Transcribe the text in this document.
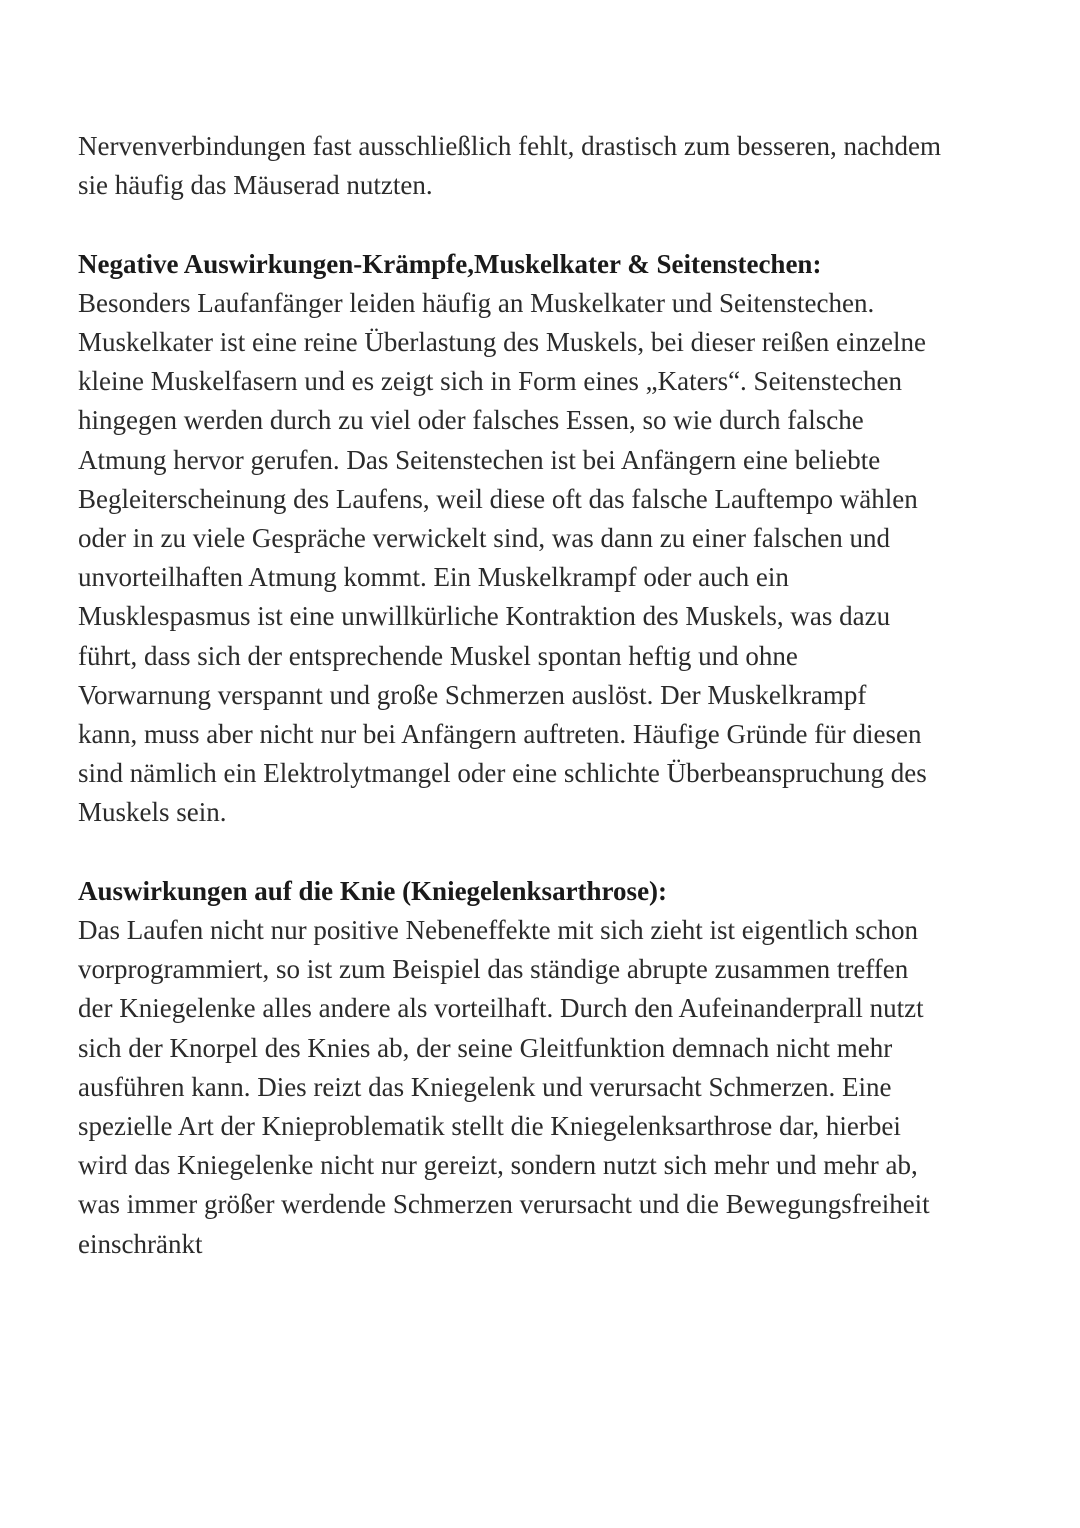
Nervenverbindungen fast ausschließlich fehlt, drastisch zum besseren, nachdem
sie häufig das Mäuserad nutzten.

Negative Auswirkungen-Krämpfe,Muskelkater & Seitenstechen:
Besonders Laufanfänger leiden häufig an Muskelkater und Seitenstechen.
Muskelkater ist eine reine Überlastung des Muskels, bei dieser reißen einzelne
kleine Muskelfasern und es zeigt sich in Form eines „Katers“. Seitenstechen
hingegen werden durch zu viel oder falsches Essen, so wie durch falsche
Atmung hervor gerufen. Das Seitenstechen ist bei Anfängern eine beliebte
Begleiterscheinung des Laufens, weil diese oft das falsche Lauftempo wählen
oder in zu viele Gespräche verwickelt sind, was dann zu einer falschen und
unvorteilhaften Atmung kommt. Ein Muskelkrampf oder auch ein
Musklespasmus ist eine unwillkürliche Kontraktion des Muskels, was dazu
führt, dass sich der entsprechende Muskel spontan heftig und ohne
Vorwarnung verspannt und große Schmerzen auslöst. Der Muskelkrampf
kann, muss aber nicht nur bei Anfängern auftreten. Häufige Gründe für diesen
sind nämlich ein Elektrolytmangel oder eine schlichte Überbeanspruchung des
Muskels sein.

Auswirkungen auf die Knie (Kniegelenksarthrose):
Das Laufen nicht nur positive Nebeneffekte mit sich zieht ist eigentlich schon
vorprogrammiert, so ist zum Beispiel das ständige abrupte zusammen treffen
der Kniegelenke alles andere als vorteilhaft. Durch den Aufeinanderprall nutzt
sich der Knorpel des Knies ab, der seine Gleitfunktion demnach nicht mehr
ausführen kann. Dies reizt das Kniegelenk und verursacht Schmerzen. Eine
spezielle Art der Knieproblematik stellt die Kniegelenksarthrose dar, hierbei
wird das Kniegelenke nicht nur gereizt, sondern nutzt sich mehr und mehr ab,
was immer größer werdende Schmerzen verursacht und die Bewegungsfreiheit
einschränkt
